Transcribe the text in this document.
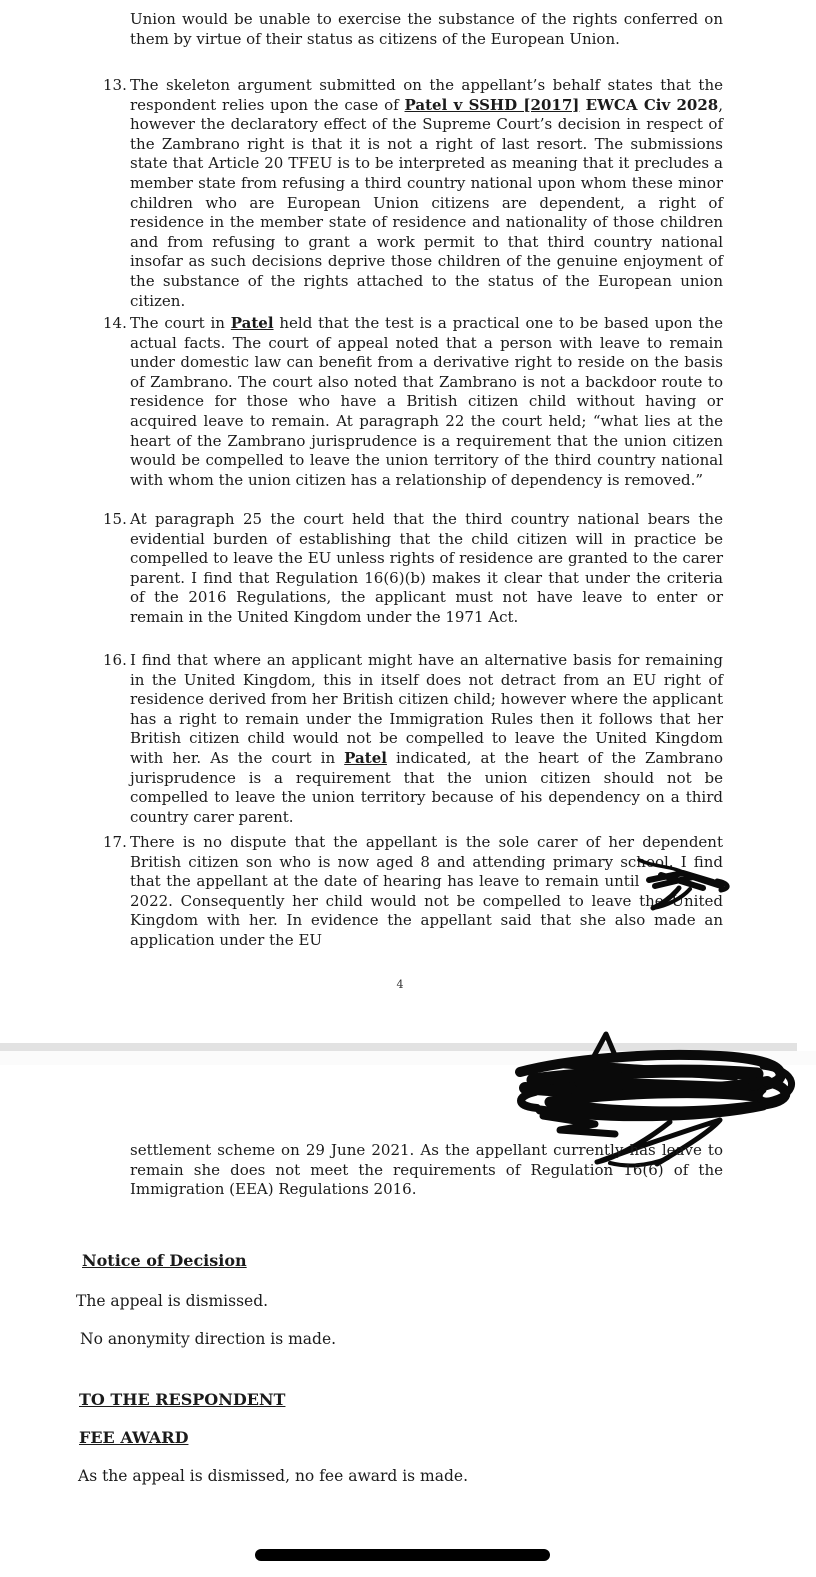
Union would be unable to exercise the substance of the rights conferred on them by virtue of their status as citizens of the European Union.
13. The skeleton argument submitted on the appellant’s behalf states that the respondent relies upon the case of Patel v SSHD [2017] EWCA Civ 2028, however the declaratory effect of the Supreme Court’s decision in respect of the Zambrano right is that it is not a right of last resort. The submissions state that Article 20 TFEU is to be interpreted as meaning that it precludes a member state from refusing a third country national upon whom these minor children who are European Union citizens are dependent, a right of residence in the member state of residence and nationality of those children and from refusing to grant a work permit to that third country national insofar as such decisions deprive those children of the genuine enjoyment of the substance of the rights attached to the status of the European union citizen.
14. The court in Patel held that the test is a practical one to be based upon the actual facts. The court of appeal noted that a person with leave to remain under domestic law can benefit from a derivative right to reside on the basis of Zambrano. The court also noted that Zambrano is not a backdoor route to residence for those who have a British citizen child without having or acquired leave to remain. At paragraph 22 the court held; “what lies at the heart of the Zambrano jurisprudence is a requirement that the union citizen would be compelled to leave the union territory of the third country national with whom the union citizen has a relationship of dependency is removed.”
15. At paragraph 25 the court held that the third country national bears the evidential burden of establishing that the child citizen will in practice be compelled to leave the EU unless rights of residence are granted to the carer parent. I find that Regulation 16(6)(b) makes it clear that under the criteria of the 2016 Regulations, the applicant must not have leave to enter or remain in the United Kingdom under the 1971 Act.
16. I find that where an applicant might have an alternative basis for remaining in the United Kingdom, this in itself does not detract from an EU right of residence derived from her British citizen child; however where the applicant has a right to remain under the Immigration Rules then it follows that her British citizen child would not be compelled to leave the United Kingdom with her. As the court in Patel indicated, at the heart of the Zambrano jurisprudence is a requirement that the union citizen should not be compelled to leave the union territory because of his dependency on a third country carer parent.
17. There is no dispute that the appellant is the sole carer of her dependent British citizen son who is now aged 8 and attending primary school. I find that the appellant at the date of hearing has leave to remain until
2022. Consequently her child would not be compelled to leave the United Kingdom with her. In evidence the appellant said that she also made an application under the EU
4
settlement scheme on 29 June 2021. As the appellant currently has leave to remain she does not meet the requirements of Regulation 16(6) of the Immigration (EEA) Regulations 2016.
Notice of Decision
The appeal is dismissed.
No anonymity direction is made.
TO THE RESPONDENT
FEE AWARD
As the appeal is dismissed, no fee award is made.
